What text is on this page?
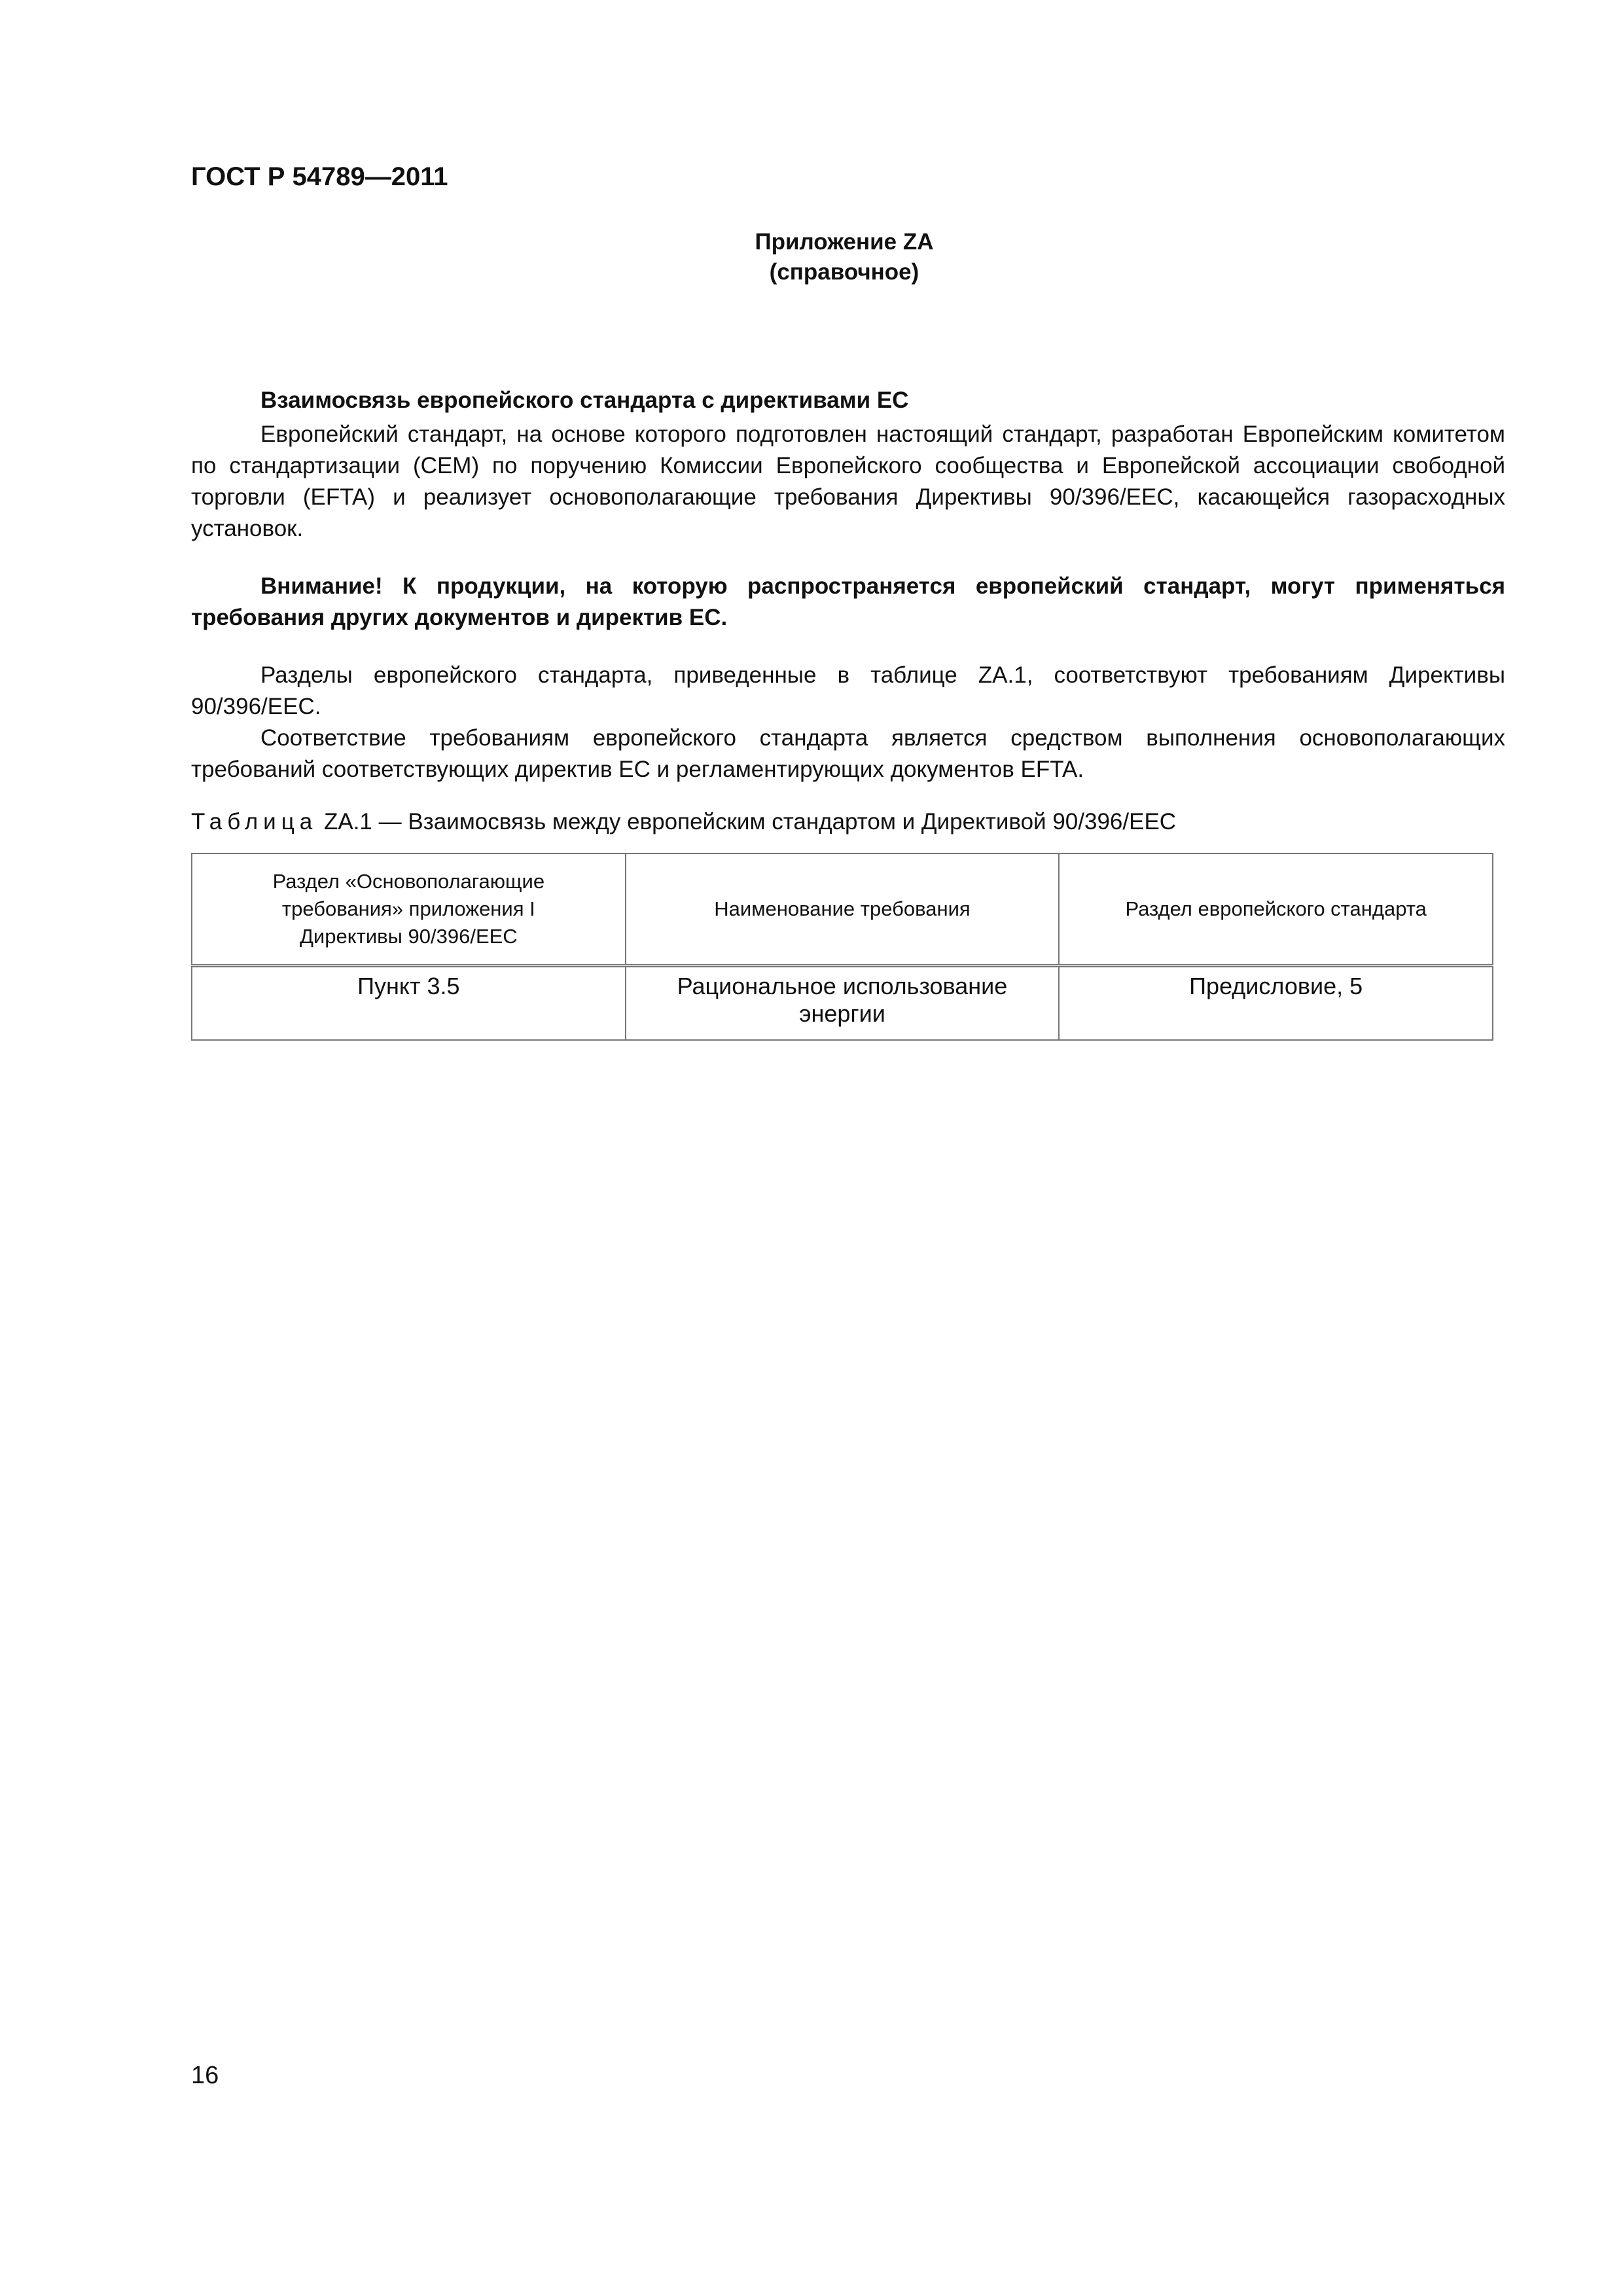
ГОСТ Р 54789—2011
Приложение ZA
(справочное)
Взаимосвязь европейского стандарта с директивами ЕС

Европейский стандарт, на основе которого подготовлен настоящий стандарт, разработан Европейским комитетом по стандартизации (CEM) по поручению Комиссии Европейского сообщества и Европейской ассоциации свободной торговли (EFTA) и реализует основополагающие требования Директивы 90/396/EEC, касающейся газорасходных установок.

Внимание! К продукции, на которую распространяется европейский стандарт, могут применяться требования других документов и директив ЕС.

Разделы европейского стандарта, приведенные в таблице ZA.1, соответствуют требованиям Директивы 90/396/EEC.

Соответствие требованиям европейского стандарта является средством выполнения основополагающих требований соответствующих директив ЕС и регламентирующих документов EFTA.

Таблица ZA.1 — Взаимосвязь между европейским стандартом и Директивой 90/396/EEC
Раздел «Основополагающие требования» приложения I Директивы 90/396/EEC	Наименование требования	Раздел европейского стандарта
Пункт 3.5	Рациональное использование энергии	Предисловие, 5
16
